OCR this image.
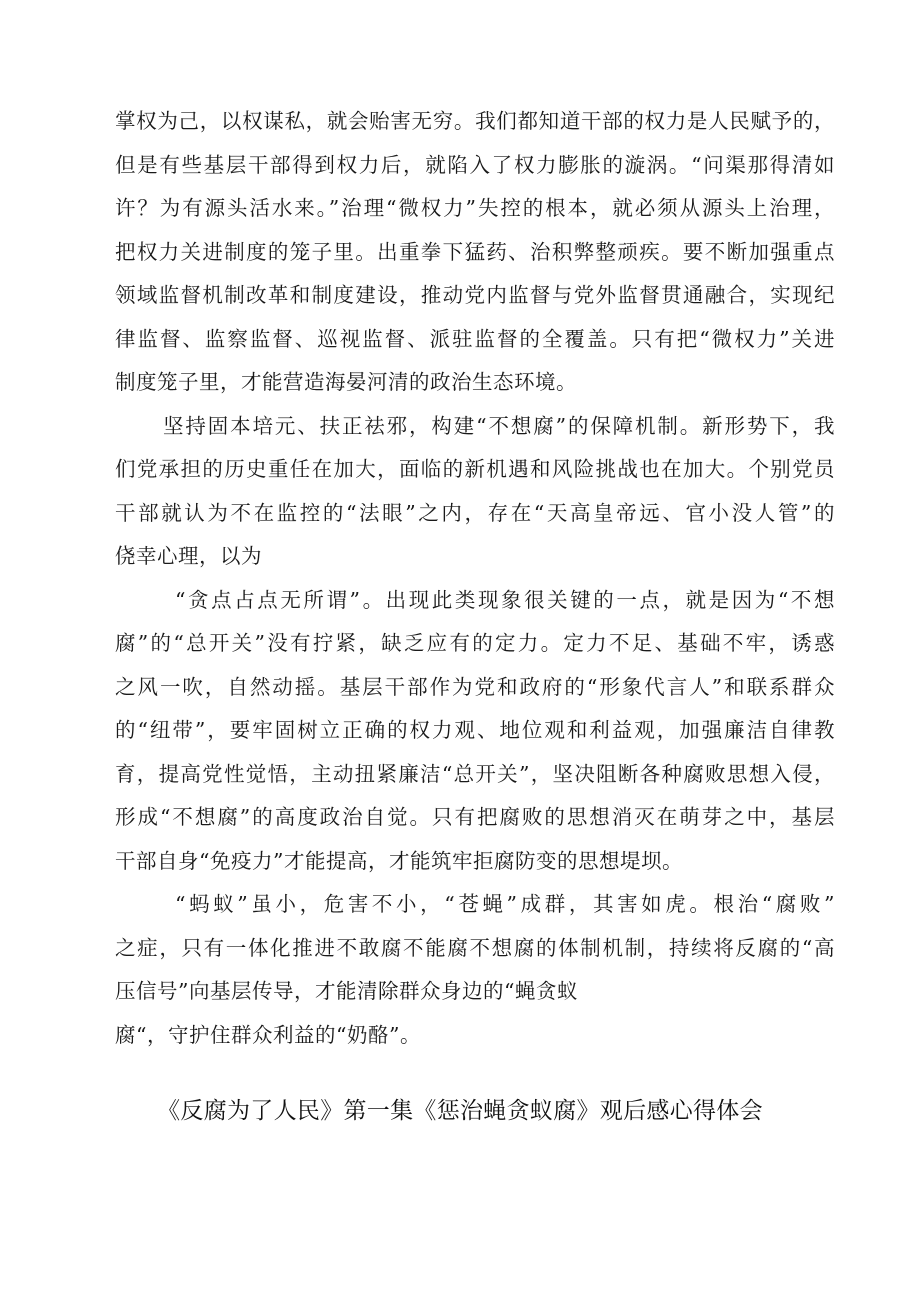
掌权为己，以权谋私，就会贻害无穷。我们都知道干部的权力是人民赋予的，
但是有些基层干部得到权力后，就陷入了权力膨胀的漩涡。“问渠那得清如
许？为有源头活水来。”治理“微权力”失控的根本，就必须从源头上治理，
把权力关进制度的笼子里。出重拳下猛药、治积弊整顽疾。要不断加强重点
领域监督机制改革和制度建设，推动党内监督与党外监督贯通融合，实现纪
律监督、监察监督、巡视监督、派驻监督的全覆盖。只有把“微权力”关进
制度笼子里，才能营造海晏河清的政治生态环境。
坚持固本培元、扶正祛邪，构建“不想腐”的保障机制。新形势下，我
们党承担的历史重任在加大，面临的新机遇和风险挑战也在加大。个别党员
干部就认为不在监控的“法眼”之内，存在“天高皇帝远、官小没人管”的
侥幸心理，以为
“贪点占点无所谓”。出现此类现象很关键的一点，就是因为“不想
腐”的“总开关”没有拧紧，缺乏应有的定力。定力不足、基础不牢，诱惑
之风一吹，自然动摇。基层干部作为党和政府的“形象代言人”和联系群众
的“纽带”，要牢固树立正确的权力观、地位观和利益观，加强廉洁自律教
育，提高党性觉悟，主动扭紧廉洁“总开关”，坚决阻断各种腐败思想入侵，
形成“不想腐”的高度政治自觉。只有把腐败的思想消灭在萌芽之中，基层
干部自身“免疫力”才能提高，才能筑牢拒腐防变的思想堤坝。
“蚂蚁”虽小，危害不小，“苍蝇”成群，其害如虎。根治“腐败”
之症，只有一体化推进不敢腐不能腐不想腐的体制机制，持续将反腐的“高
压信号”向基层传导，才能清除群众身边的“蝇贪蚁
腐“，守护住群众利益的“奶酪”。
《反腐为了人民》第一集《惩治蝇贪蚁腐》观后感心得体会
